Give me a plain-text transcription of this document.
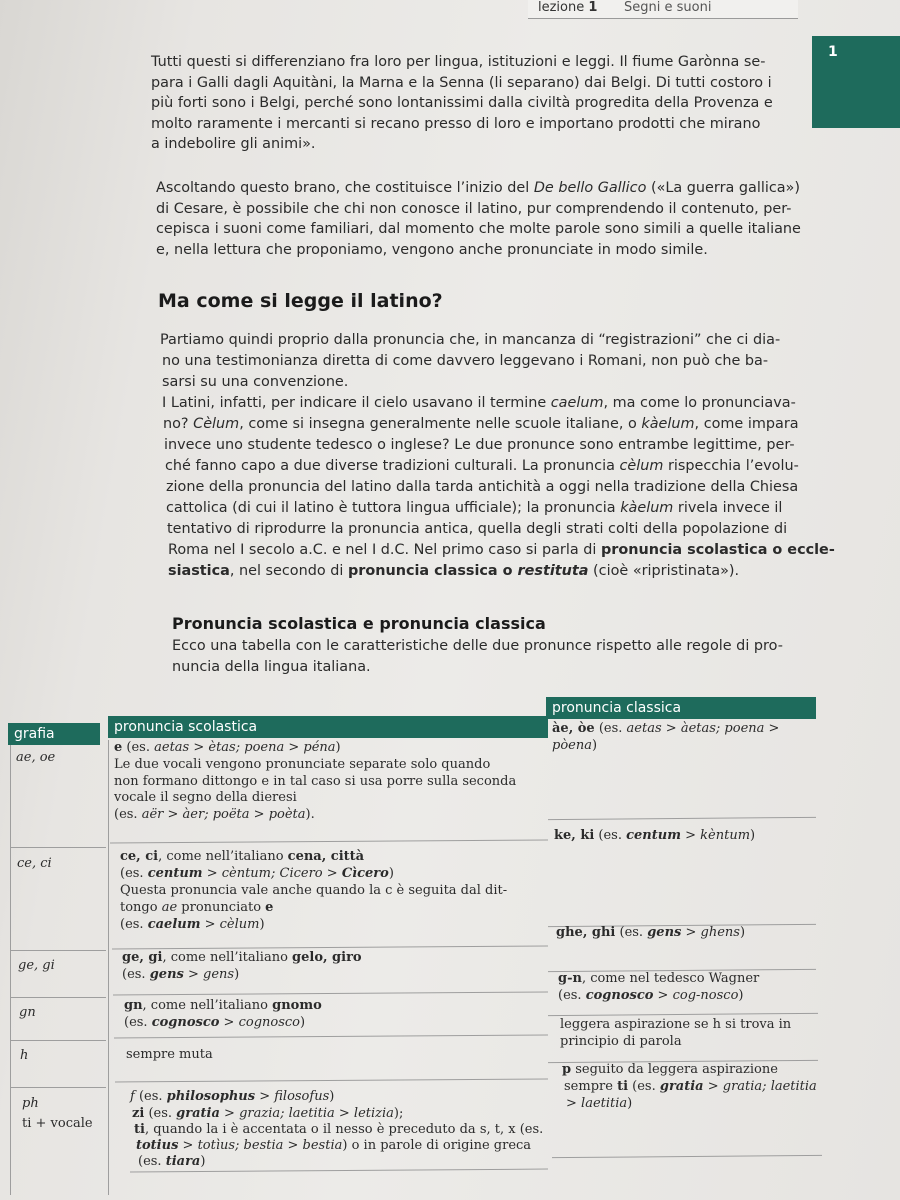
lezione 1 Segni e suoni
1

Tutti questi si differenziano fra loro per lingua, istituzioni e leggi. Il fiume Garònna se-

para i Galli dagli Aquitàni, la Marna e la Senna (li separano) dai Belgi. Di tutti costoro i

più forti sono i Belgi, perché sono lontanissimi dalla civiltà progredita della Provenza e

molto raramente i mercanti si recano presso di loro e importano prodotti che mirano

a indebolire gli animi».

Ascoltando questo brano, che costituisce l’inizio del De bello Gallico («La guerra gallica»)

di Cesare, è possibile che chi non conosce il latino, pur comprendendo il contenuto, per-

cepisca i suoni come familiari, dal momento che molte parole sono simili a quelle italiane

e, nella lettura che proponiamo, vengono anche pronunciate in modo simile.

Ma come si legge il latino?

Partiamo quindi proprio dalla pronuncia che, in mancanza di “registrazioni” che ci dia-

no una testimonianza diretta di come davvero leggevano i Romani, non può che ba-

sarsi su una convenzione.

I Latini, infatti, per indicare il cielo usavano il termine caelum, ma come lo pronunciava-

no? Cèlum, come si insegna generalmente nelle scuole italiane, o kàelum, come impara

invece uno studente tedesco o inglese? Le due pronunce sono entrambe legittime, per-

ché fanno capo a due diverse tradizioni culturali. La pronuncia cèlum rispecchia l’evolu-

zione della pronuncia del latino dalla tarda antichità a oggi nella tradizione della Chiesa

cattolica (di cui il latino è tuttora lingua ufficiale); la pronuncia kàelum rivela invece il

tentativo di riprodurre la pronuncia antica, quella degli strati colti della popolazione di

Roma nel I secolo a.C. e nel I d.C. Nel primo caso si parla di pronuncia scolastica o eccle-

siastica, nel secondo di pronuncia classica o restituta (cioè «ripristinata»).

Pronuncia scolastica e pronuncia classica

Ecco una tabella con le caratteristiche delle due pronunce rispetto alle regole di pro-

nuncia della lingua italiana.

grafia	pronuncia scolastica
pronuncia classica

ae, oe

ce, ci

ge, gi

gn

h

ph

ti + vocale

e (es. aetas > ètas; poena > péna)

Le due vocali vengono pronunciate separate solo quando

non formano dittongo e in tal caso si usa porre sulla seconda

vocale il segno della dieresi

(es. aër > àer; poëta > poèta).

àe, òe (es. aetas > àetas; poena >

pòena)

ce, ci, come nell’italiano cena, città

(es. centum > cèntum; Cicero > Cìcero)

Questa pronuncia vale anche quando la c è seguita dal dit-

tongo ae pronunciato e

(es. caelum > cèlum)

ke, ki (es. centum > kèntum)

ge, gi, come nell’italiano gelo, giro

(es. gens > gens)

ghe, ghi (es. gens > ghens)

gn, come nell’italiano gnomo

(es. cognosco > cognosco)

g-n, come nel tedesco Wagner

(es. cognosco > cog-nosco)

sempre muta

leggera aspirazione se h si trova in

principio di parola

f (es. philosophus > filosofus)

p seguito da leggera aspirazione

zi (es. gratia > grazia; laetitia > letizia);

ti, quando la i è accentata o il nesso è preceduto da s, t, x (es.

totius > totìus; bestia > bestia) o in parole di origine greca

(es. tiara)

sempre ti (es. gratia > gratia; laetitia

> laetitia)
